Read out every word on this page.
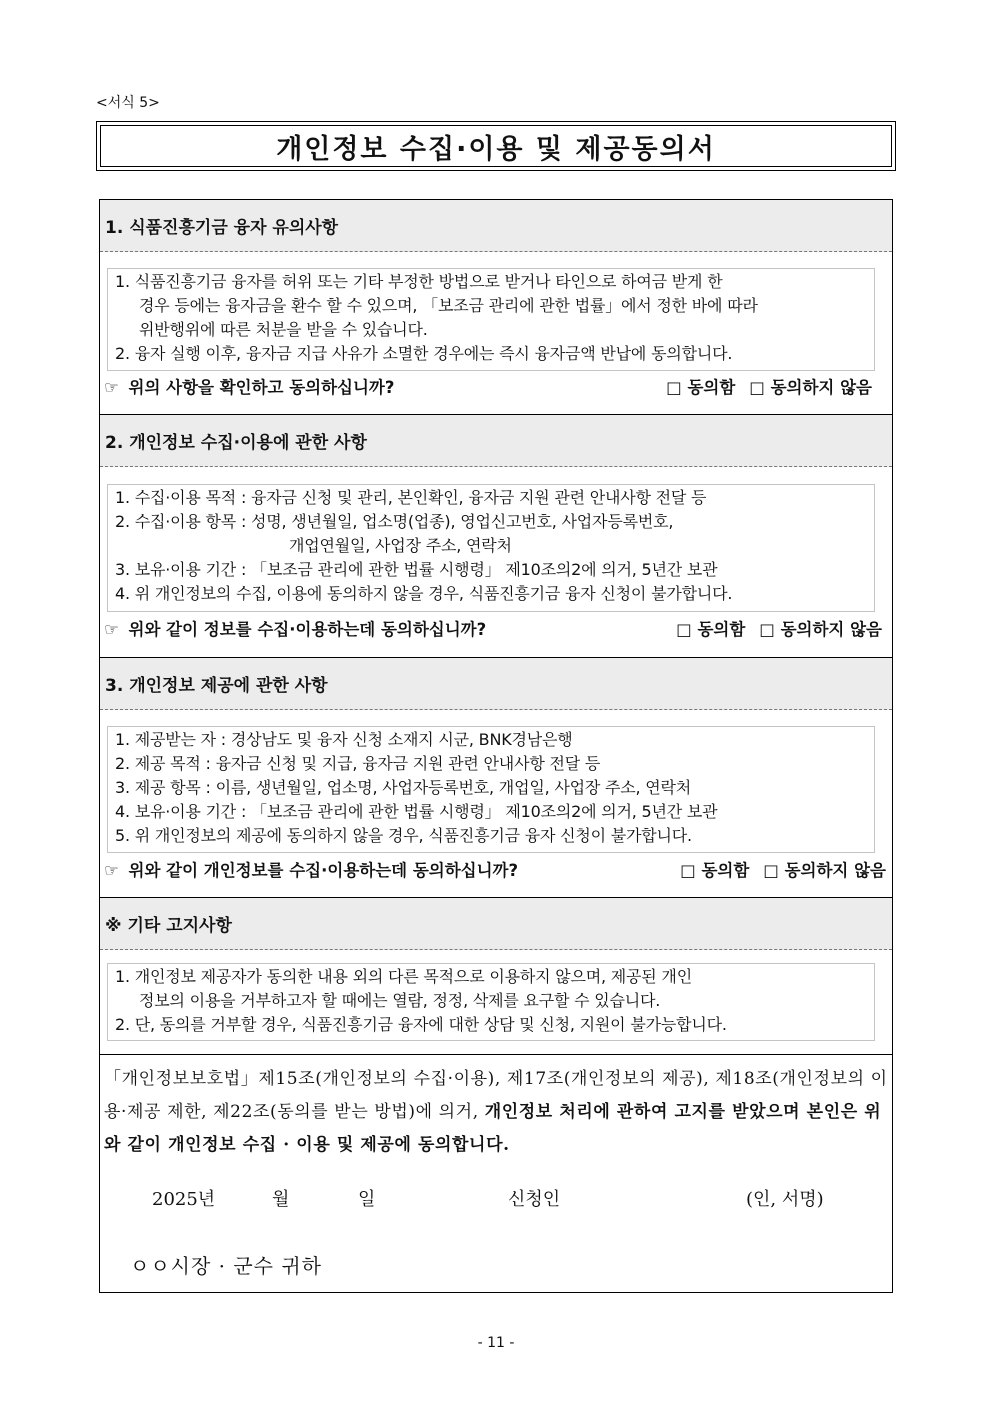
<서식 5>
개인정보 수집·이용 및 제공동의서
1. 식품진흥기금 융자 유의사항
1. 식품진흥기금 융자를 허위 또는 기타 부정한 방법으로 받거나 타인으로 하여금 받게 한
경우 등에는 융자금을 환수 할 수 있으며, 「보조금 관리에 관한 법률」에서 정한 바에 따라
위반행위에 따른 처분을 받을 수 있습니다.
2. 융자 실행 이후, 융자금 지급 사유가 소멸한 경우에는 즉시 융자금액 반납에 동의합니다.
☞ 위의 사항을 확인하고 동의하십니까?	□ 동의함 □ 동의하지 않음
2. 개인정보 수집·이용에 관한 사항
1. 수집·이용 목적 : 융자금 신청 및 관리, 본인확인, 융자금 지원 관련 안내사항 전달 등
2. 수집·이용 항목 : 성명, 생년월일, 업소명(업종), 영업신고번호, 사업자등록번호,
개업연월일, 사업장 주소, 연락처
3. 보유·이용 기간 : 「보조금 관리에 관한 법률 시행령」 제10조의2에 의거, 5년간 보관
4. 위 개인정보의 수집, 이용에 동의하지 않을 경우, 식품진흥기금 융자 신청이 불가합니다.
☞ 위와 같이 정보를 수집·이용하는데 동의하십니까?	□ 동의함 □ 동의하지 않음
3. 개인정보 제공에 관한 사항
1. 제공받는 자 : 경상남도 및 융자 신청 소재지 시군, BNK경남은행
2. 제공 목적 : 융자금 신청 및 지급, 융자금 지원 관련 안내사항 전달 등
3. 제공 항목 : 이름, 생년월일, 업소명, 사업자등록번호, 개업일, 사업장 주소, 연락처
4. 보유·이용 기간 : 「보조금 관리에 관한 법률 시행령」 제10조의2에 의거, 5년간 보관
5. 위 개인정보의 제공에 동의하지 않을 경우, 식품진흥기금 융자 신청이 불가합니다.
☞ 위와 같이 개인정보를 수집·이용하는데 동의하십니까?	□ 동의함 □ 동의하지 않음
※ 기타 고지사항
1. 개인정보 제공자가 동의한 내용 외의 다른 목적으로 이용하지 않으며, 제공된 개인
정보의 이용을 거부하고자 할 때에는 열람, 정정, 삭제를 요구할 수 있습니다.
2. 단, 동의를 거부할 경우, 식품진흥기금 융자에 대한 상담 및 신청, 지원이 불가능합니다.
「개인정보보호법」제15조(개인정보의 수집·이용), 제17조(개인정보의 제공), 제18조(개인정보의 이용·제공 제한, 제22조(동의를 받는 방법)에 의거, 개인정보 처리에 관하여 고지를 받았으며 본인은 위와 같이 개인정보 수집 · 이용 및 제공에 동의합니다.
2025년	월	일	신청인	(인, 서명)
ㅇㅇ시장 · 군수 귀하
- 11 -
